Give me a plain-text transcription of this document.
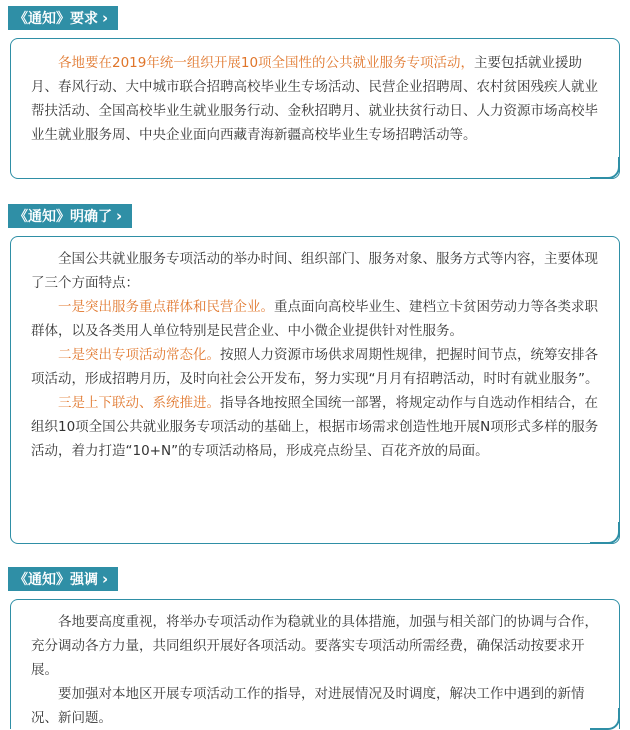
《通知》要求 ›

各地要在2019年统一组织开展10项全国性的公共就业服务专项活动，主要包括就业援助月、春风行动、大中城市联合招聘高校毕业生专场活动、民营企业招聘周、农村贫困残疾人就业帮扶活动、全国高校毕业生就业服务行动、金秋招聘月、就业扶贫行动日、人力资源市场高校毕业生就业服务周、中央企业面向西藏青海新疆高校毕业生专场招聘活动等。

《通知》明确了 ›

全国公共就业服务专项活动的举办时间、组织部门、服务对象、服务方式等内容，主要体现了三个方面特点：

一是突出服务重点群体和民营企业。重点面向高校毕业生、建档立卡贫困劳动力等各类求职群体，以及各类用人单位特别是民营企业、中小微企业提供针对性服务。

二是突出专项活动常态化。按照人力资源市场供求周期性规律，把握时间节点，统筹安排各项活动，形成招聘月历，及时向社会公开发布，努力实现“月月有招聘活动，时时有就业服务”。

三是上下联动、系统推进。指导各地按照全国统一部署，将规定动作与自选动作相结合，在组织10项全国公共就业服务专项活动的基础上，根据市场需求创造性地开展N项形式多样的服务活动，着力打造“10+N”的专项活动格局，形成亮点纷呈、百花齐放的局面。

《通知》强调 ›

各地要高度重视，将举办专项活动作为稳就业的具体措施，加强与相关部门的协调与合作，充分调动各方力量，共同组织开展好各项活动。要落实专项活动所需经费，确保活动按要求开展。

要加强对本地区开展专项活动工作的指导，对进展情况及时调度，解决工作中遇到的新情况、新问题。
